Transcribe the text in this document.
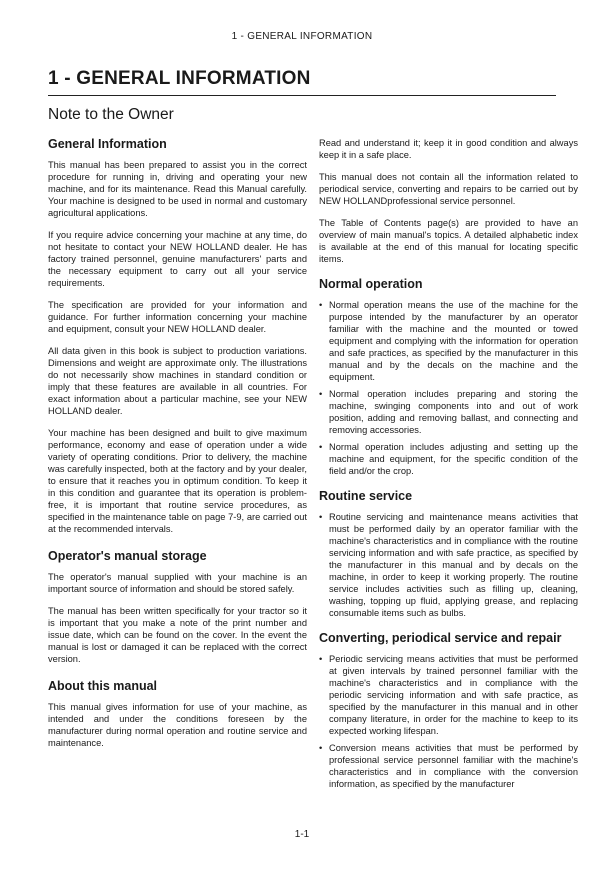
1 - GENERAL INFORMATION
1 - GENERAL INFORMATION
Note to the Owner
General Information

This manual has been prepared to assist you in the correct procedure for running in, driving and operating your new machine, and for its maintenance. Read this Manual carefully. Your machine is designed to be used in normal and customary agricultural applications.

If you require advice concerning your machine at any time, do not hesitate to contact your NEW HOLLAND dealer. He has factory trained personnel, genuine manufacturers' parts and the necessary equipment to carry out all your service requirements.

The specification are provided for your information and guidance. For further information concerning your machine and equipment, consult your NEW HOLLAND dealer.

All data given in this book is subject to production variations. Dimensions and weight are approximate only. The illustrations do not necessarily show machines in standard condition or imply that these features are available in all countries. For exact information about a particular machine, see your NEW HOLLAND dealer.

Your machine has been designed and built to give maximum performance, economy and ease of operation under a wide variety of operating conditions. Prior to delivery, the machine was carefully inspected, both at the factory and by your dealer, to ensure that it reaches you in optimum condition. To keep it in this condition and guarantee that its operation is problem-free, it is important that routine service procedures, as specified in the maintenance table on page 7-9, are carried out at the recommended intervals.

Operator's manual storage

The operator's manual supplied with your machine is an important source of information and should be stored safely.

The manual has been written specifically for your tractor so it is important that you make a note of the print number and issue date, which can be found on the cover. In the event the manual is lost or damaged it can be replaced with the correct version.

About this manual

This manual gives information for use of your machine, as intended and under the conditions foreseen by the manufacturer during normal operation and routine service and maintenance.

Read and understand it; keep it in good condition and always keep it in a safe place.

This manual does not contain all the information related to periodical service, converting and repairs to be carried out by NEW HOLLANDprofessional service personnel.

The Table of Contents page(s) are provided to have an overview of main manual's topics. A detailed alphabetic index is available at the end of this manual for locating specific items.

Normal operation
• Normal operation means the use of the machine for the purpose intended by the manufacturer by an operator familiar with the machine and the mounted or towed equipment and complying with the information for operation and safe practices, as specified by the manufacturer in this manual and by the decals on the machine and the equipment.
• Normal operation includes preparing and storing the machine, swinging components into and out of work position, adding and removing ballast, and connecting and removing accessories.
• Normal operation includes adjusting and setting up the machine and equipment, for the specific condition of the field and/or the crop.
Routine service
• Routine servicing and maintenance means activities that must be performed daily by an operator familiar with the machine's characteristics and in compliance with the routine servicing information and with safe practice, as specified by the manufacturer in this manual and by decals on the machine, in order to keep it working properly. The routine service includes activities such as filling up, cleaning, washing, topping up fluid, applying grease, and replacing consumable items such as bulbs.
Converting, periodical service and repair
• Periodic servicing means activities that must be performed at given intervals by trained personnel familiar with the machine's characteristics and in compliance with the periodic servicing information and with safe practice, as specified by the manufacturer in this manual and in other company literature, in order for the machine to keep to its expected working lifespan.
• Conversion means activities that must be performed by professional service personnel familiar with the machine's characteristics and in compliance with the conversion information, as specified by the manufacturer
1-1
